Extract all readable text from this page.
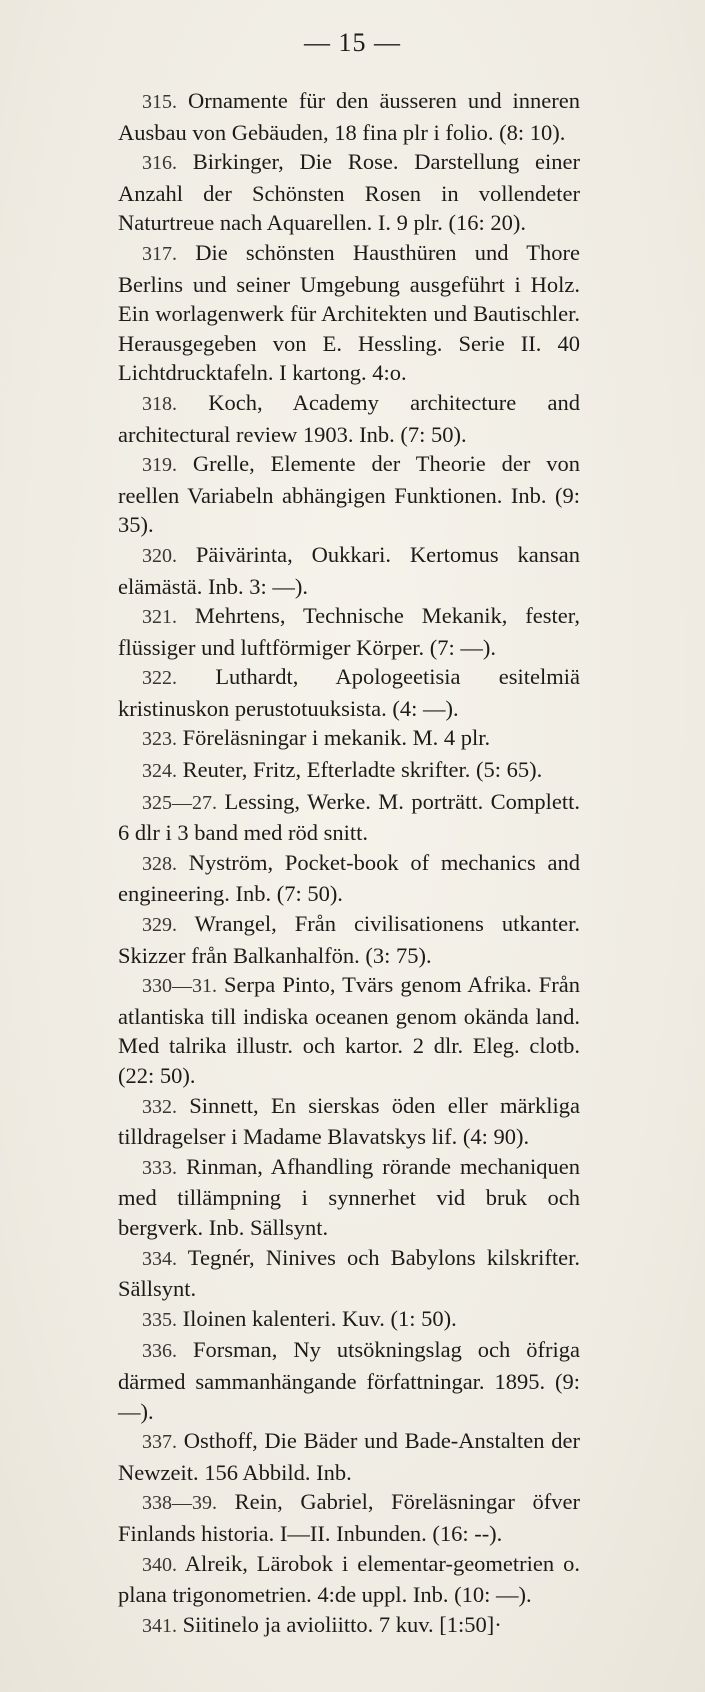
— 15 —

315. Ornamente für den äusseren und inneren Ausbau von Gebäuden, 18 fina plr i folio. (8: 10).

316. Birkinger, Die Rose. Darstellung einer Anzahl der Schönsten Rosen in vollendeter Naturtreue nach Aquarellen. I. 9 plr. (16: 20).

317. Die schönsten Hausthüren und Thore Berlins und seiner Umgebung ausgeführt i Holz. Ein worlagenwerk für Architekten und Bautischler. Herausgegeben von E. Hessling. Serie II. 40 Lichtdrucktafeln. I kartong. 4:o.

318. Koch, Academy architecture and architectural review 1903. Inb. (7: 50).

319. Grelle, Elemente der Theorie der von reellen Variabeln abhängigen Funktionen. Inb. (9: 35).

320. Päivärinta, Oukkari. Kertomus kansan elämästä. Inb. 3: —).

321. Mehrtens, Technische Mekanik, fester, flüssiger und luftförmiger Körper. (7: —).

322. Luthardt, Apologeetisia esitelmiä kristinuskon perustotuuksista. (4: —).

323. Föreläsningar i mekanik. M. 4 plr.

324. Reuter, Fritz, Efterladte skrifter. (5: 65).

325—27. Lessing, Werke. M. porträtt. Complett. 6 dlr i 3 band med röd snitt.

328. Nyström, Pocket-book of mechanics and engineering. Inb. (7: 50).

329. Wrangel, Från civilisationens utkanter. Skizzer från Balkanhalfön. (3: 75).

330—31. Serpa Pinto, Tvärs genom Afrika. Från atlantiska till indiska oceanen genom okända land. Med talrika illustr. och kartor. 2 dlr. Eleg. clotb. (22: 50).

332. Sinnett, En sierskas öden eller märkliga tilldragelser i Madame Blavatskys lif. (4: 90).

333. Rinman, Afhandling rörande mechaniquen med tillämpning i synnerhet vid bruk och bergverk. Inb. Sällsynt.

334. Tegnér, Ninives och Babylons kilskrifter. Sällsynt.

335. Iloinen kalenteri. Kuv. (1: 50).

336. Forsman, Ny utsökningslag och öfriga därmed sammanhängande författningar. 1895. (9: —).

337. Osthoff, Die Bäder und Bade-Anstalten der Newzeit. 156 Abbild. Inb.

338—39. Rein, Gabriel, Föreläsningar öfver Finlands historia. I—II. Inbunden. (16: --).

340. Alreik, Lärobok i elementar-geometrien o. plana trigonometrien. 4:de uppl. Inb. (10: —).

341. Siitinelo ja avioliitto. 7 kuv. [1:50]·
